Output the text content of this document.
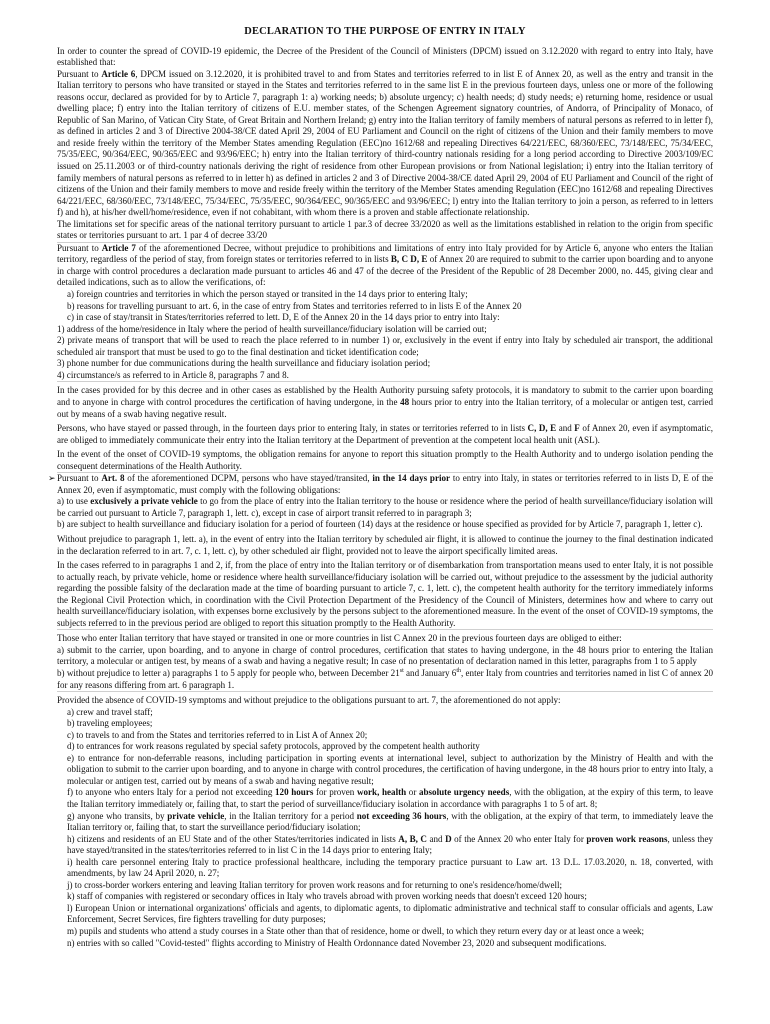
DECLARATION TO THE PURPOSE OF ENTRY IN ITALY

In order to counter the spread of COVID-19 epidemic, the Decree of the President of the Council of Ministers (DPCM) issued on 3.12.2020 with regard to entry into Italy, have established that:

Pursuant to Article 6, DPCM issued on 3.12.2020, it is prohibited travel to and from States and territories referred to in list E of Annex 20, as well as the entry and transit in the Italian territory to persons who have transited or stayed in the States and territories referred to in the same list E in the previous fourteen days, unless one or more of the following reasons occur, declared as provided for by to Article 7, paragraph 1: a) working needs; b) absolute urgency; c) health needs; d) study needs; e) returning home, residence or usual dwelling place; f) entry into the Italian territory of citizens of E.U. member states, of the Schengen Agreement signatory countries, of Andorra, of Principality of Monaco, of Republic of San Marino, of Vatican City State, of Great Britain and Northern Ireland; g) entry into the Italian territory of family members of natural persons as referred to in letter f), as defined in articles 2 and 3 of Directive 2004-38/CE dated April 29, 2004 of EU Parliament and Council on the right of citizens of the Union and their family members to move and reside freely within the territory of the Member States amending Regulation (EEC)no 1612/68 and repealing Directives 64/221/EEC, 68/360/EEC, 73/148/EEC, 75/34/EEC, 75/35/EEC, 90/364/EEC, 90/365/EEC and 93/96/EEC; h) entry into the Italian territory of third-country nationals residing for a long period according to Directive 2003/109/EC issued on 25.11.2003 or of third-country nationals deriving the right of residence from other European provisions or from National legislation; i) entry into the Italian territory of family members of natural persons as referred to in letter h) as defined in articles 2 and 3 of Directive 2004-38/CE dated April 29, 2004 of EU Parliament and Council of the right of citizens of the Union and their family members to move and reside freely within the territory of the Member States amending Regulation (EEC)no 1612/68 and repealing Directives 64/221/EEC, 68/360/EEC, 73/148/EEC, 75/34/EEC, 75/35/EEC, 90/364/EEC, 90/365/EEC and 93/96/EEC; l) entry into the Italian territory to join a person, as referred to in letters f) and h), at his/her dwell/home/residence, even if not cohabitant, with whom there is a proven and stable affectionate relationship.

The limitations set for specific areas of the national territory pursuant to article 1 par.3 of decree 33/2020 as well as the limitations established in relation to the origin from specific states or territories pursuant to art. 1 par 4 of decree 33/20

Pursuant to Article 7 of the aforementioned Decree, without prejudice to prohibitions and limitations of entry into Italy provided for by Article 6, anyone who enters the Italian territory, regardless of the period of stay, from foreign states or territories referred to in lists B, C D, E of Annex 20 are required to submit to the carrier upon boarding and to anyone in charge with control procedures a declaration made pursuant to articles 46 and 47 of the decree of the President of the Republic of 28 December 2000, no. 445, giving clear and detailed indications, such as to allow the verifications, of:

a) foreign countries and territories in which the person stayed or transited in the 14 days prior to entering Italy;

b) reasons for travelling pursuant to art. 6, in the case of entry from States and territories referred to in lists E of the Annex 20

c) in case of stay/transit in States/territories referred to lett. D, E of the Annex 20 in the 14 days prior to entry into Italy:

1) address of the home/residence in Italy where the period of health surveillance/fiduciary isolation will be carried out;

2) private means of transport that will be used to reach the place referred to in number 1) or, exclusively in the event if entry into Italy by scheduled air transport, the additional scheduled air transport that must be used to go to the final destination and ticket identification code;

3) phone number for due communications during the health surveillance and fiduciary isolation period;

4) circumstance/s as referred to in Article 8, paragraphs 7 and 8.

In the cases provided for by this decree and in other cases as established by the Health Authority pursuing safety protocols, it is mandatory to submit to the carrier upon boarding and to anyone in charge with control procedures the certification of having undergone, in the 48 hours prior to entry into the Italian territory, of a molecular or antigen test, carried out by means of a swab having negative result.

Persons, who have stayed or passed through, in the fourteen days prior to entering Italy, in states or territories referred to in lists C, D, E and F of Annex 20, even if asymptomatic, are obliged to immediately communicate their entry into the Italian territory at the Department of prevention at the competent local health unit (ASL).

In the event of the onset of COVID-19 symptoms, the obligation remains for anyone to report this situation promptly to the Health Authority and to undergo isolation pending the consequent determinations of the Health Authority.

➢ Pursuant to Art. 8 of the aforementioned DCPM, persons who have stayed/transited, in the 14 days prior to entry into Italy, in states or territories referred to in lists D, E of the Annex 20, even if asymptomatic, must comply with the following obligations:

a) to use exclusively a private vehicle to go from the place of entry into the Italian territory to the house or residence where the period of health surveillance/fiduciary isolation will be carried out pursuant to Article 7, paragraph 1, lett. c), except in case of airport transit referred to in paragraph 3;

b) are subject to health surveillance and fiduciary isolation for a period of fourteen (14) days at the residence or house specified as provided for by Article 7, paragraph 1, letter c).

Without prejudice to paragraph 1, lett. a), in the event of entry into the Italian territory by scheduled air flight, it is allowed to continue the journey to the final destination indicated in the declaration referred to in art. 7, c. 1, lett. c), by other scheduled air flight, provided not to leave the airport specifically limited areas.

In the cases referred to in paragraphs 1 and 2, if, from the place of entry into the Italian territory or of disembarkation from transportation means used to enter Italy, it is not possible to actually reach, by private vehicle, home or residence where health surveillance/fiduciary isolation will be carried out, without prejudice to the assessment by the judicial authority regarding the possible falsity of the declaration made at the time of boarding pursuant to article 7, c. 1, lett. c), the competent health authority for the territory immediately informs the Regional Civil Protection which, in coordination with the Civil Protection Department of the Presidency of the Council of Ministers, determines how and where to carry out health surveillance/fiduciary isolation, with expenses borne exclusively by the persons subject to the aforementioned measure. In the event of the onset of COVID-19 symptoms, the subjects referred to in the previous period are obliged to report this situation promptly to the Health Authority.

Those who enter Italian territory that have stayed or transited in one or more countries in list C Annex 20 in the previous fourteen days are obliged to either:

a) submit to the carrier, upon boarding, and to anyone in charge of control procedures, certification that states to having undergone, in the 48 hours prior to entering the Italian territory, a molecular or antigen test, by means of a swab and having a negative result; In case of no presentation of declaration named in this letter, paragraphs from 1 to 5 apply

b) without prejudice to letter a) paragraphs 1 to 5 apply for people who, between December 21st and January 6th, enter Italy from countries and territories named in list C of annex 20 for any reasons differing from art. 6 paragraph 1.

Provided the absence of COVID-19 symptoms and without prejudice to the obligations pursuant to art. 7, the aforementioned do not apply:

a) crew and travel staff;

b) traveling employees;

c) to travels to and from the States and territories referred to in List A of Annex 20;

d) to entrances for work reasons regulated by special safety protocols, approved by the competent health authority

e) to entrance for non-deferrable reasons, including participation in sporting events at international level, subject to authorization by the Ministry of Health and with the obligation to submit to the carrier upon boarding, and to anyone in charge with control procedures, the certification of having undergone, in the 48 hours prior to entry into Italy, a molecular or antigen test, carried out by means of a swab and having negative result;

f) to anyone who enters Italy for a period not exceeding 120 hours for proven work, health or absolute urgency needs, with the obligation, at the expiry of this term, to leave the Italian territory immediately or, failing that, to start the period of surveillance/fiduciary isolation in accordance with paragraphs 1 to 5 of art. 8;

g) anyone who transits, by private vehicle, in the Italian territory for a period not exceeding 36 hours, with the obligation, at the expiry of that term, to immediately leave the Italian territory or, failing that, to start the surveillance period/fiduciary isolation;

h) citizens and residents of an EU State and of the other States/territories indicated in lists A, B, C and D of the Annex 20 who enter Italy for proven work reasons, unless they have stayed/transited in the states/territories referred to in list C in the 14 days prior to entering Italy;

i) health care personnel entering Italy to practice professional healthcare, including the temporary practice pursuant to Law art. 13 D.L. 17.03.2020, n. 18, converted, with amendments, by law 24 April 2020, n. 27;

j) to cross-border workers entering and leaving Italian territory for proven work reasons and for returning to one's residence/home/dwell;

k) staff of companies with registered or secondary offices in Italy who travels abroad with proven working needs that doesn't exceed 120 hours;

l) European Union or international organizations' officials and agents, to diplomatic agents, to diplomatic administrative and technical staff to consular officials and agents, Law Enforcement, Secret Services, fire fighters travelling for duty purposes;

m) pupils and students who attend a study courses in a State other than that of residence, home or dwell, to which they return every day or at least once a week;

n) entries with so called "Covid-tested" flights according to Ministry of Health Ordonnance dated November 23, 2020 and subsequent modifications.
